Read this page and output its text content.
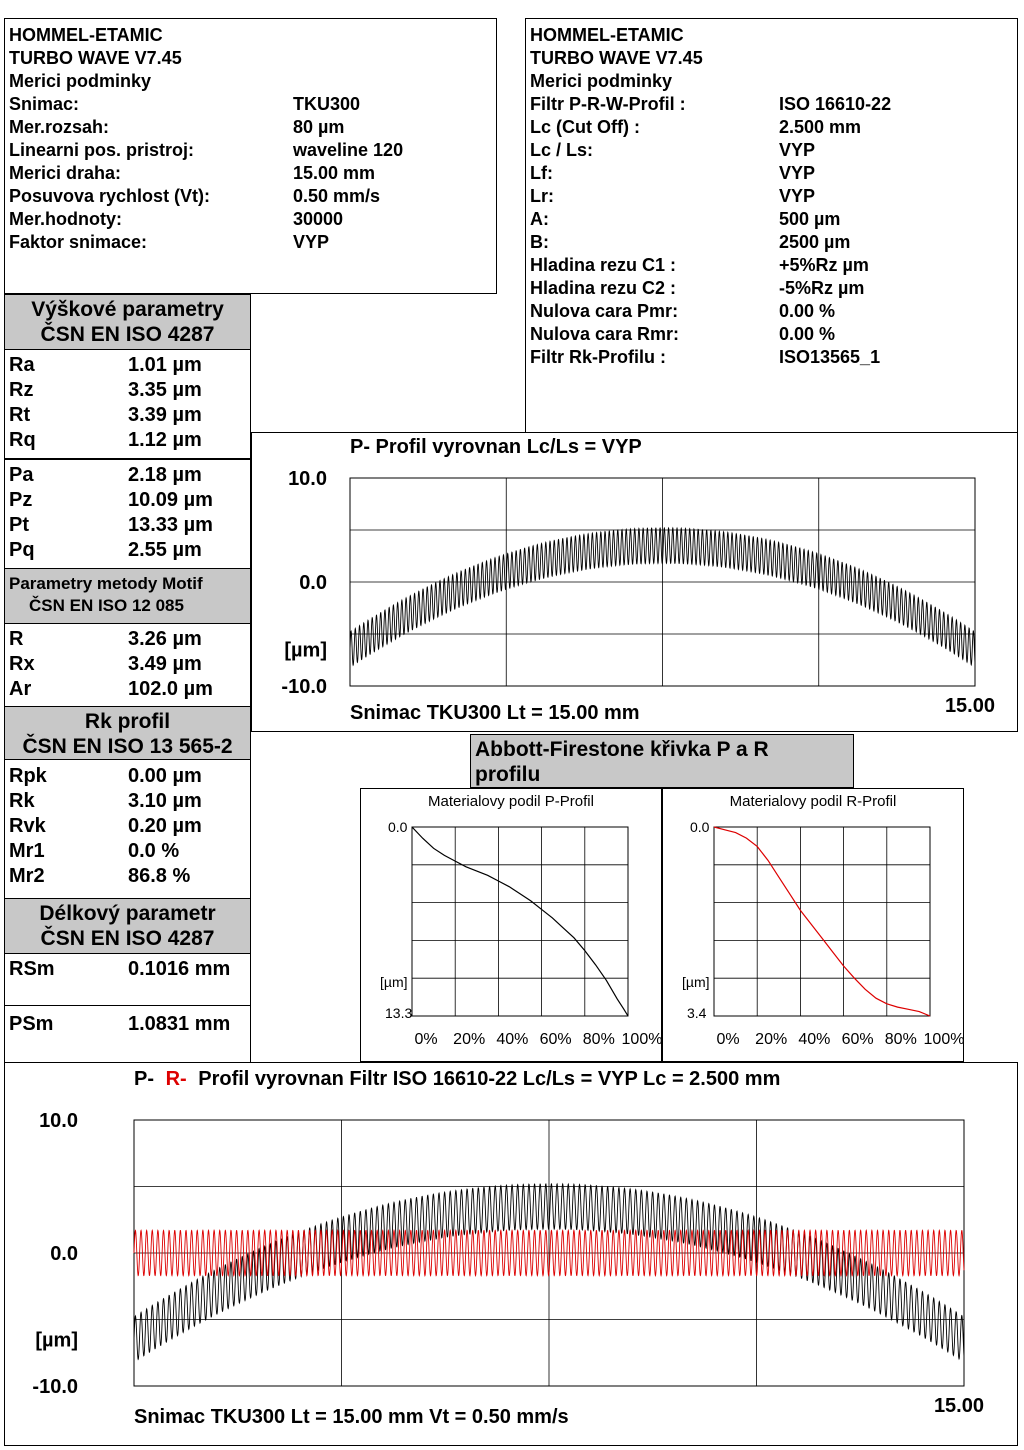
HOMMEL-ETAMIC
TURBO WAVE V7.45
Merici podminky
Snimac:	TKU300
Mer.rozsah:	80 µm
Linearni pos. pristroj:	waveline 120
Merici draha:	15.00 mm
Posuvova rychlost (Vt):	0.50 mm/s
Mer.hodnoty:	30000
Faktor snimace:	VYP
HOMMEL-ETAMIC
TURBO WAVE V7.45
Merici podminky
Filtr P-R-W-Profil :	ISO 16610-22
Lc (Cut Off) :	2.500 mm
Lc / Ls:	VYP
Lf:	VYP
Lr:	VYP
A:	500 µm
B:	2500 µm
Hladina rezu C1 :	+5%Rz µm
Hladina rezu C2 :	-5%Rz µm
Nulova cara Pmr:	0.00 %
Nulova cara Rmr:	0.00 %
Filtr Rk-Profilu :	ISO13565_1
Výškové parametry
ČSN EN ISO 4287
Ra	1.01 µm
Rz	3.35 µm
Rt	3.39 µm
Rq	1.12 µm
Pa	2.18 µm
Pz	10.09 µm
Pt	13.33 µm
Pq	2.55 µm
Parametry metody Motif
ČSN EN ISO 12 085
R	3.26 µm
Rx	3.49 µm
Ar	102.0 µm
Rk profil
ČSN EN ISO 13 565-2
Rpk	0.00 µm
Rk	3.10 µm
Rvk	0.20 µm
Mr1	0.0 %
Mr2	86.8 %
Délkový parametr
ČSN EN ISO 4287
RSm	0.1016 mm
PSm	1.0831 mm
P- Profil vyrovnan Lc/Ls = VYP
10.0
0.0
-10.0
[µm]
15.00
Snimac TKU300 Lt = 15.00 mm
Abbott-Firestone křivka P a R
profilu
Materialovy podil P-Profil
0.0
13.3
[µm]
0% 20% 40% 60% 80% 100%
Materialovy podil R-Profil
0.0
3.4
[µm]
0% 20% 40% 60% 80% 100%
P- R- Profil vyrovnan Filtr ISO 16610-22 Lc/Ls = VYP Lc = 2.500 mm
10.0
0.0
-10.0
[µm]
15.00
Snimac TKU300 Lt = 15.00 mm Vt = 0.50 mm/s
